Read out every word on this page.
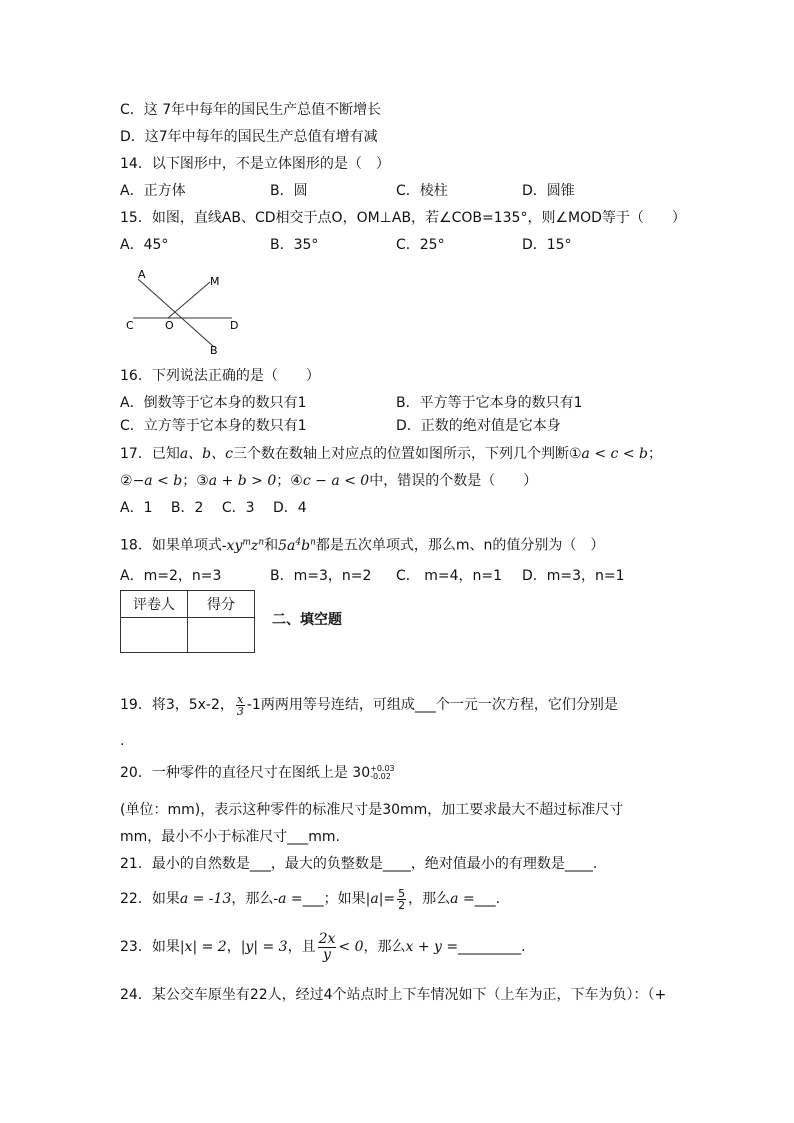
C．这 7年中每年的国民生产总值不断增长
D．这7年中每年的国民生产总值有增有减
14．以下图形中，不是立体图形的是（　）
A．正方体	B．圆	C．棱柱	D．圆锥
15．如图，直线AB、CD相交于点O，OM⊥AB，若∠COB=135°，则∠MOD等于（　　）
A．45°	B．35°	C．25°	D．15°
A
M
C	O	D
B
16．下列说法正确的是（　　）
A．倒数等于它本身的数只有1	B．平方等于它本身的数只有1
C．立方等于它本身的数只有1	D．正数的绝对值是它本身
17．已知a、b、c三个数在数轴上对应点的位置如图所示，下列几个判断①a < c < b；
②−a < b；③a + b > 0；④c − a < 0中，错误的个数是（　　）
A．1　 B．2　 C．3　 D．4
18．如果单项式$-xy^mz^n$和$5a^4b^n$都是五次单项式，那么m、n的值分别为（　）
A．m=2，n=3	B．m=3，n=2 C． m=4，n=1 D．m=3，n=1
评卷人	得分

二、填空题
19．将3，5x-2， $\frac{x}{3} -1$两两用等号连结，可组成___个一元一次方程，它们分别是
.
20．一种零件的直径尺寸在图纸上是 30 +0.03
-0.02
(单位：mm)，表示这种零件的标准尺寸是30mm，加工要求最大不超过标准尺寸
mm，最小不小于标准尺寸___mm.
21．最小的自然数是___，最大的负整数是____，绝对值最小的有理数是____.
22．如果a = -13，那么-a =___；如果$|a|= \frac{5}{2}$ ，那么a =___.
23．如果|x| = 2，|y| = 3，且 $\frac{2x}{y} < 0$，那么x + y =_________.
24．某公交车原坐有22人，经过4个站点时上下车情况如下（上车为正，下车为负）：（+
